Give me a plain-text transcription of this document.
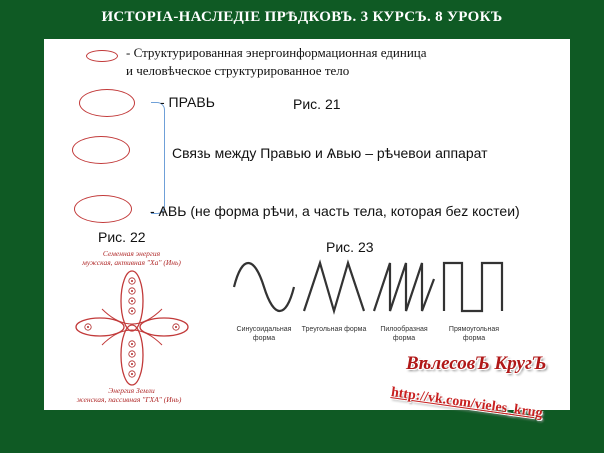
ИСТОРІА-НАСЛЕДІЕ ПРѢДКОВЪ. 3 КУРСЪ. 8 УРОКЪ
- Структурированная энергоинформационная единица
и человѣческое структурированное тело
- ПРАВЬ
Связь между Правью и Ѧвью – рѣчевои аппарат
- ѦВЬ (не форма рѣчи, а часть тела, которая беz костеи)
Рис. 21
Рис. 22
Рис. 23
Семенная энергия
мужская, активная "Ха" (Инь)
Энергия Земли
женская, пассивная "ГХА" (Инь)
Синусоидальная форма
Треугольная форма	Пилообразная форма
Прямоугольная форма
ВѣлесовЪ КругЪ
http://vk.com/vieles_krug
